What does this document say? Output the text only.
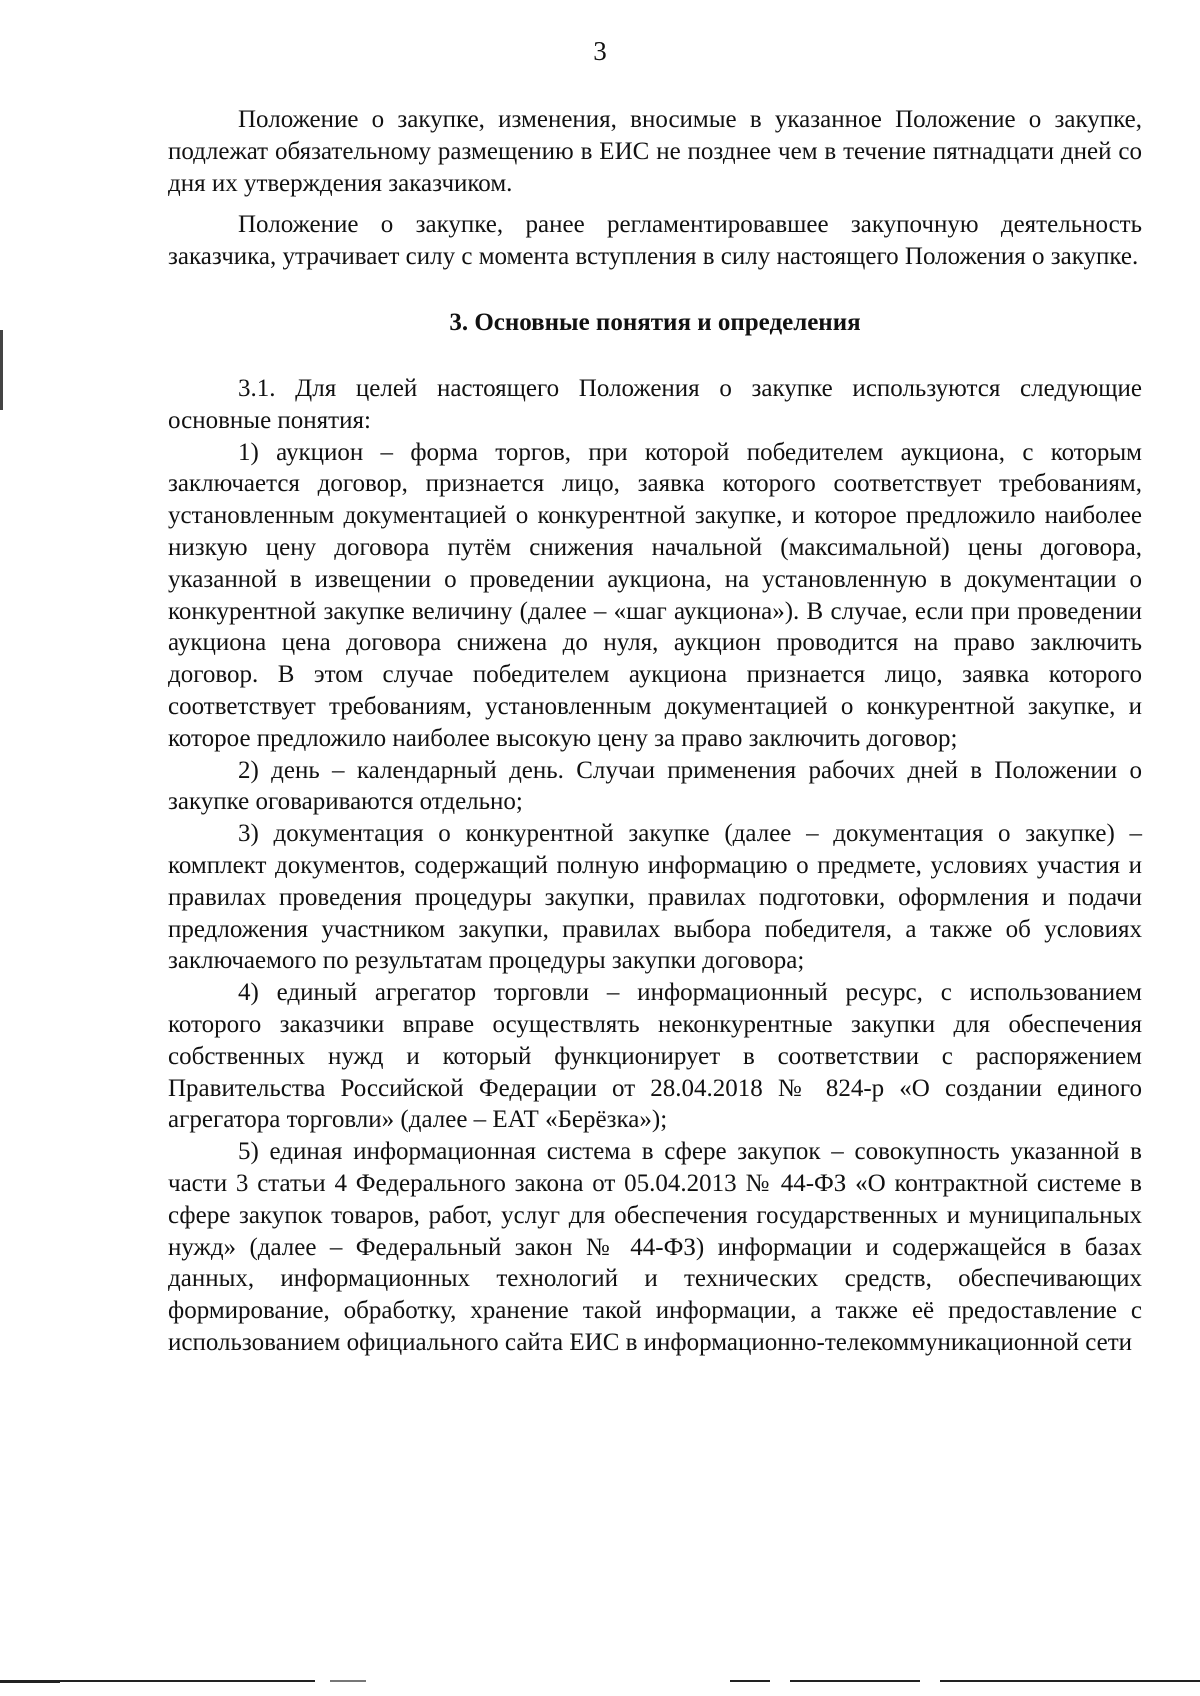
3

Положение о закупке, изменения, вносимые в указанное Положение о закупке, подлежат обязательному размещению в ЕИС не позднее чем в течение пятнадцати дней со дня их утверждения заказчиком.

Положение о закупке, ранее регламентировавшее закупочную деятельность заказчика, утрачивает силу с момента вступления в силу настоящего Положения о закупке.

3. Основные понятия и определения

3.1. Для целей настоящего Положения о закупке используются следующие основные понятия:

1) аукцион – форма торгов, при которой победителем аукциона, с которым заключается договор, признается лицо, заявка которого соответствует требованиям, установленным документацией о конкурентной закупке, и которое предложило наиболее низкую цену договора путём снижения начальной (максимальной) цены договора, указанной в извещении о проведении аукциона, на установленную в документации о конкурентной закупке величину (далее – «шаг аукциона»). В случае, если при проведении аукциона цена договора снижена до нуля, аукцион проводится на право заключить договор. В этом случае победителем аукциона признается лицо, заявка которого соответствует требованиям, установленным документацией о конкурентной закупке, и которое предложило наиболее высокую цену за право заключить договор;

2) день – календарный день. Случаи применения рабочих дней в Положении о закупке оговариваются отдельно;

3) документация о конкурентной закупке (далее – документация о закупке) – комплект документов, содержащий полную информацию о предмете, условиях участия и правилах проведения процедуры закупки, правилах подготовки, оформления и подачи предложения участником закупки, правилах выбора победителя, а также об условиях заключаемого по результатам процедуры закупки договора;

4) единый агрегатор торговли – информационный ресурс, с использованием которого заказчики вправе осуществлять неконкурентные закупки для обеспечения собственных нужд и который функционирует в соответствии с распоряжением Правительства Российской Федерации от 28.04.2018 № 824-р «О создании единого агрегатора торговли» (далее – ЕАТ «Берёзка»);

5) единая информационная система в сфере закупок – совокупность указанной в части 3 статьи 4 Федерального закона от 05.04.2013 № 44-ФЗ «О контрактной системе в сфере закупок товаров, работ, услуг для обеспечения государственных и муниципальных нужд» (далее – Федеральный закон № 44-ФЗ) информации и содержащейся в базах данных, информационных технологий и технических средств, обеспечивающих формирование, обработку, хранение такой информации, а также её предоставление с использованием официального сайта ЕИС в информационно-телекоммуникационной сети
